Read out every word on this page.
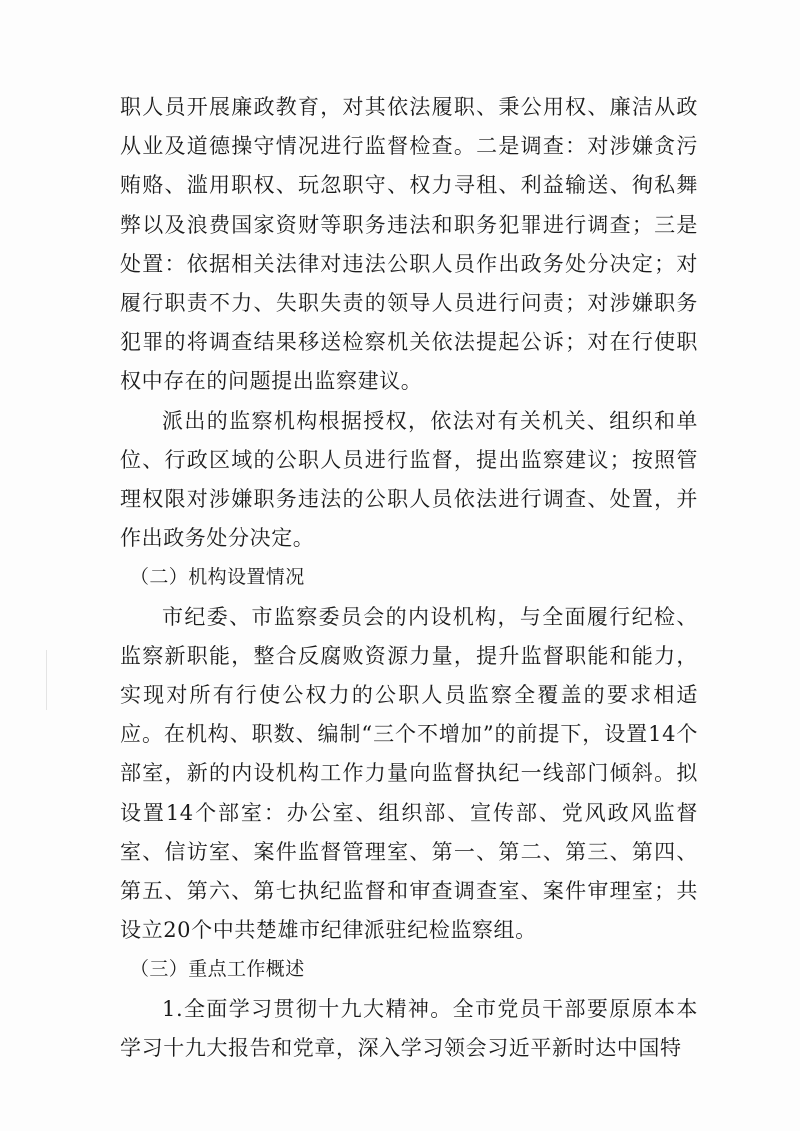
职人员开展廉政教育，对其依法履职、秉公用权、廉洁从政从业及道德操守情况进行监督检查。二是调查：对涉嫌贪污贿赂、滥用职权、玩忽职守、权力寻租、利益输送、徇私舞弊以及浪费国家资财等职务违法和职务犯罪进行调查；三是处置：依据相关法律对违法公职人员作出政务处分决定；对履行职责不力、失职失责的领导人员进行问责；对涉嫌职务犯罪的将调查结果移送检察机关依法提起公诉；对在行使职权中存在的问题提出监察建议。

派出的监察机构根据授权，依法对有关机关、组织和单位、行政区域的公职人员进行监督，提出监察建议；按照管理权限对涉嫌职务违法的公职人员依法进行调查、处置，并作出政务处分决定。

（二）机构设置情况

市纪委、市监察委员会的内设机构，与全面履行纪检、监察新职能，整合反腐败资源力量，提升监督职能和能力，实现对所有行使公权力的公职人员监察全覆盖的要求相适应。在机构、职数、编制“三个不增加”的前提下，设置14个部室，新的内设机构工作力量向监督执纪一线部门倾斜。拟设置14个部室：办公室、组织部、宣传部、党风政风监督室、信访室、案件监督管理室、第一、第二、第三、第四、第五、第六、第七执纪监督和审查调查室、案件审理室；共设立20个中共楚雄市纪律派驻纪检监察组。

（三）重点工作概述

1.全面学习贯彻十九大精神。全市党员干部要原原本本学习十九大报告和党章，深入学习领会习近平新时达中国特
